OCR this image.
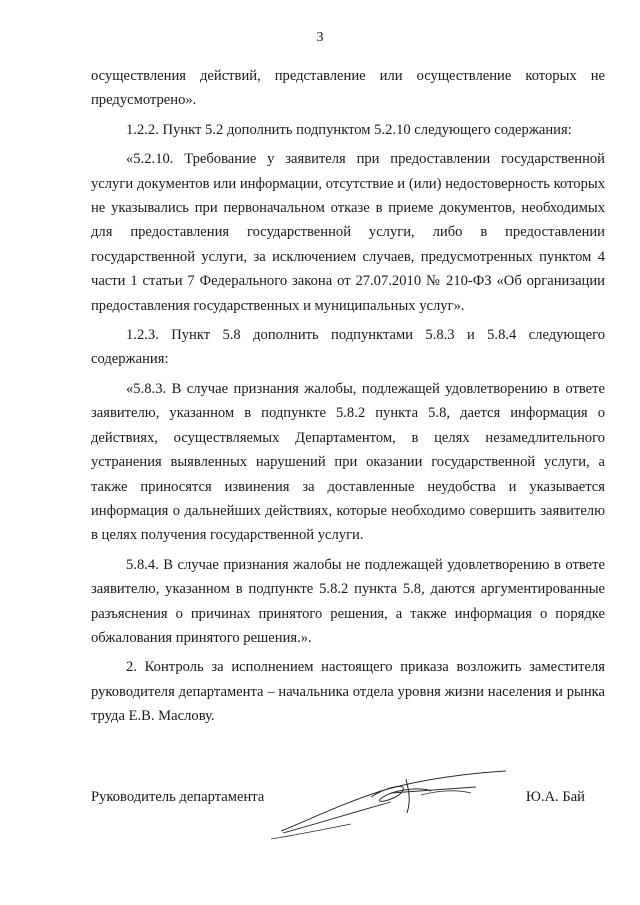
3

осуществления действий, представление или осуществление которых не предусмотрено».

1.2.2. Пункт 5.2 дополнить подпунктом 5.2.10 следующего содержания:

«5.2.10. Требование у заявителя при предоставлении государственной услуги документов или информации, отсутствие и (или) недостоверность которых не указывались при первоначальном отказе в приеме документов, необходимых для предоставления государственной услуги, либо в предоставлении государственной услуги, за исключением случаев, предусмотренных пунктом 4 части 1 статьи 7 Федерального закона от 27.07.2010 № 210-ФЗ «Об организации предоставления государственных и муниципальных услуг».

1.2.3. Пункт 5.8 дополнить подпунктами 5.8.3 и 5.8.4 следующего содержания:

«5.8.3. В случае признания жалобы, подлежащей удовлетворению в ответе заявителю, указанном в подпункте 5.8.2 пункта 5.8, дается информация о действиях, осуществляемых Департаментом, в целях незамедлительного устранения выявленных нарушений при оказании государственной услуги, а также приносятся извинения за доставленные неудобства и указывается информация о дальнейших действиях, которые необходимо совершить заявителю в целях получения государственной услуги.

5.8.4. В случае признания жалобы не подлежащей удовлетворению в ответе заявителю, указанном в подпункте 5.8.2 пункта 5.8, даются аргументированные разъяснения о причинах принятого решения, а также информация о порядке обжалования принятого решения.».

2. Контроль за исполнением настоящего приказа возложить заместителя руководителя департамента – начальника отдела уровня жизни населения и рынка труда Е.В. Маслову.

Руководитель департамента	Ю.А. Бай
